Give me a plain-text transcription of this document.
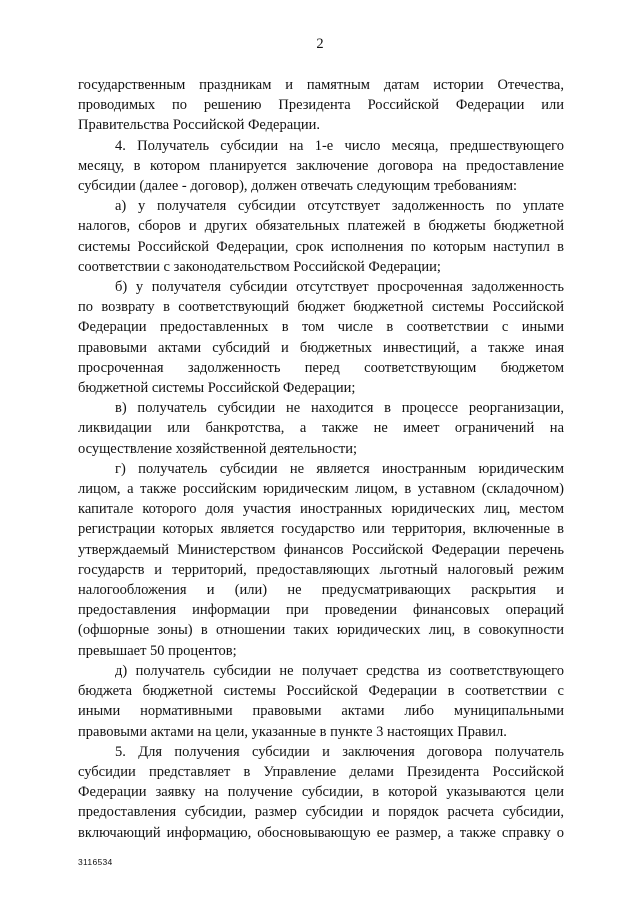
2
государственным праздникам и памятным датам истории Отечества,
проводимых по решению Президента Российской Федерации или
Правительства Российской Федерации.
4. Получатель субсидии на 1-е число месяца, предшествующего
месяцу, в котором планируется заключение договора на предоставление
субсидии (далее - договор), должен отвечать следующим требованиям:
а) у получателя субсидии отсутствует задолженность по уплате
налогов, сборов и других обязательных платежей в бюджеты бюджетной
системы Российской Федерации, срок исполнения по которым наступил в
соответствии с законодательством Российской Федерации;
б) у получателя субсидии отсутствует просроченная задолженность
по возврату в соответствующий бюджет бюджетной системы Российской
Федерации предоставленных в том числе в соответствии с иными
правовыми актами субсидий и бюджетных инвестиций, а также иная
просроченная задолженность перед соответствующим бюджетом
бюджетной системы Российской Федерации;
в) получатель субсидии не находится в процессе реорганизации,
ликвидации или банкротства, а также не имеет ограничений на
осуществление хозяйственной деятельности;
г) получатель субсидии не является иностранным юридическим
лицом, а также российским юридическим лицом, в уставном (складочном)
капитале которого доля участия иностранных юридических лиц, местом
регистрации которых является государство или территория, включенные в
утверждаемый Министерством финансов Российской Федерации перечень
государств и территорий, предоставляющих льготный налоговый режим
налогообложения и (или) не предусматривающих раскрытия и
предоставления информации при проведении финансовых операций
(офшорные зоны) в отношении таких юридических лиц, в совокупности
превышает 50 процентов;
д) получатель субсидии не получает средства из соответствующего
бюджета бюджетной системы Российской Федерации в соответствии с
иными нормативными правовыми актами либо муниципальными
правовыми актами на цели, указанные в пункте 3 настоящих Правил.
5. Для получения субсидии и заключения договора получатель
субсидии представляет в Управление делами Президента Российской
Федерации заявку на получение субсидии, в которой указываются цели
предоставления субсидии, размер субсидии и порядок расчета субсидии,
включающий информацию, обосновывающую ее размер, а также справку о
3116534
